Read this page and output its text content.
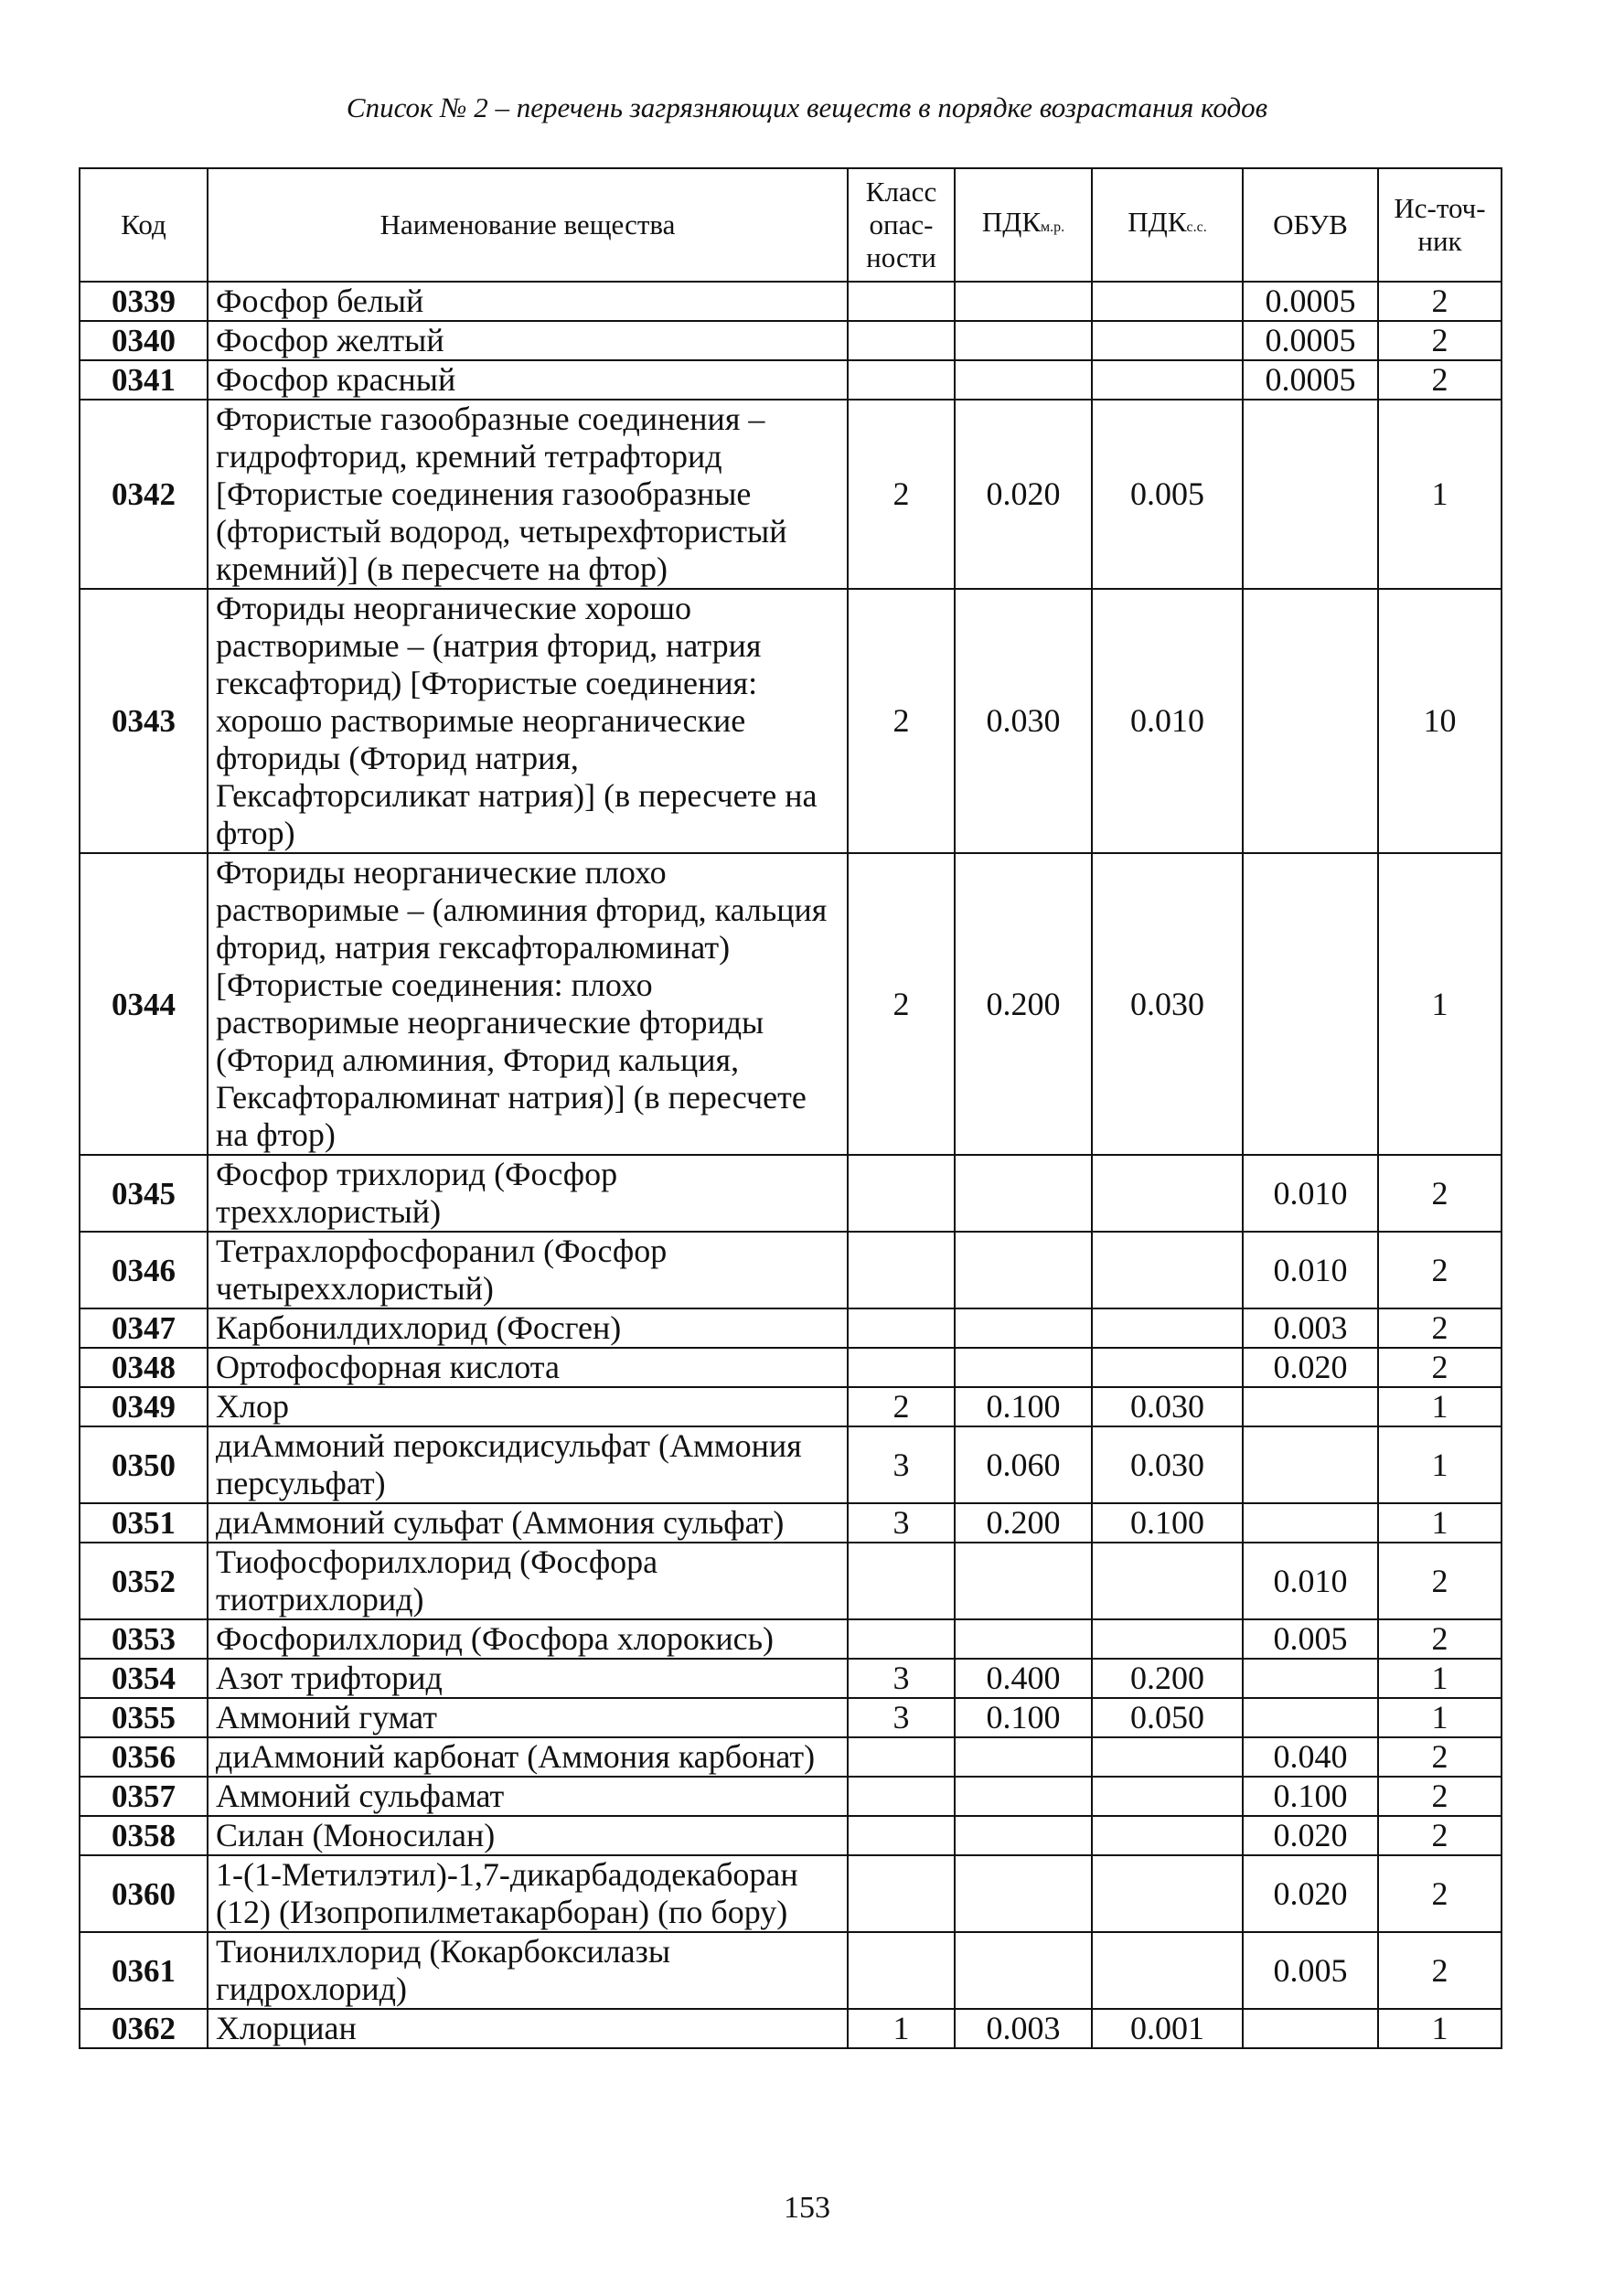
Список № 2 – перечень загрязняющих веществ в порядке возрастания кодов
Код	Наименование вещества	Класс опас-ности	ПДКм.р.	ПДКс.с.	ОБУВ	Ис-точ-ник
0339	Фосфор белый				0.0005	2
0340	Фосфор желтый				0.0005	2
0341	Фосфор красный				0.0005	2
0342	Фтористые газообразные соединения – гидрофторид, кремний тетрафторид [Фтористые соединения газообразные (фтористый водород, четырехфтористый кремний)] (в пересчете на фтор)	2	0.020	0.005		1
0343	Фториды неорганические хорошо растворимые – (натрия фторид, натрия гексафторид) [Фтористые соединения: хорошо растворимые неорганические фториды (Фторид натрия, Гексафторсиликат натрия)] (в пересчете на фтор)	2	0.030	0.010		10
0344	Фториды неорганические плохо растворимые – (алюминия фторид, кальция фторид, натрия гексафторалюминат) [Фтористые соединения: плохо растворимые неорганические фториды (Фторид алюминия, Фторид кальция, Гексафторалюминат натрия)] (в пересчете на фтор)	2	0.200	0.030		1
0345	Фосфор трихлорид (Фосфор треххлористый)				0.010	2
0346	Тетрахлорфосфоранил (Фосфор четыреххлористый)				0.010	2
0347	Карбонилдихлорид (Фосген)				0.003	2
0348	Ортофосфорная кислота				0.020	2
0349	Хлор	2	0.100	0.030		1
0350	диАммоний пероксидисульфат (Аммония персульфат)	3	0.060	0.030		1
0351	диАммоний сульфат (Аммония сульфат)	3	0.200	0.100		1
0352	Тиофосфорилхлорид (Фосфора тиотрихлорид)				0.010	2
0353	Фосфорилхлорид (Фосфора хлорокись)				0.005	2
0354	Азот трифторид	3	0.400	0.200		1
0355	Аммоний гумат	3	0.100	0.050		1
0356	диАммоний карбонат (Аммония карбонат)				0.040	2
0357	Аммоний сульфамат				0.100	2
0358	Силан (Моносилан)				0.020	2
0360	1-(1-Метилэтил)-1,7-дикарбадодекаборан (12) (Изопропилметакарборан) (по бору)				0.020	2
0361	Тионилхлорид (Кокарбоксилазы гидрохлорид)				0.005	2
0362	Хлорциан	1	0.003	0.001		1
153
